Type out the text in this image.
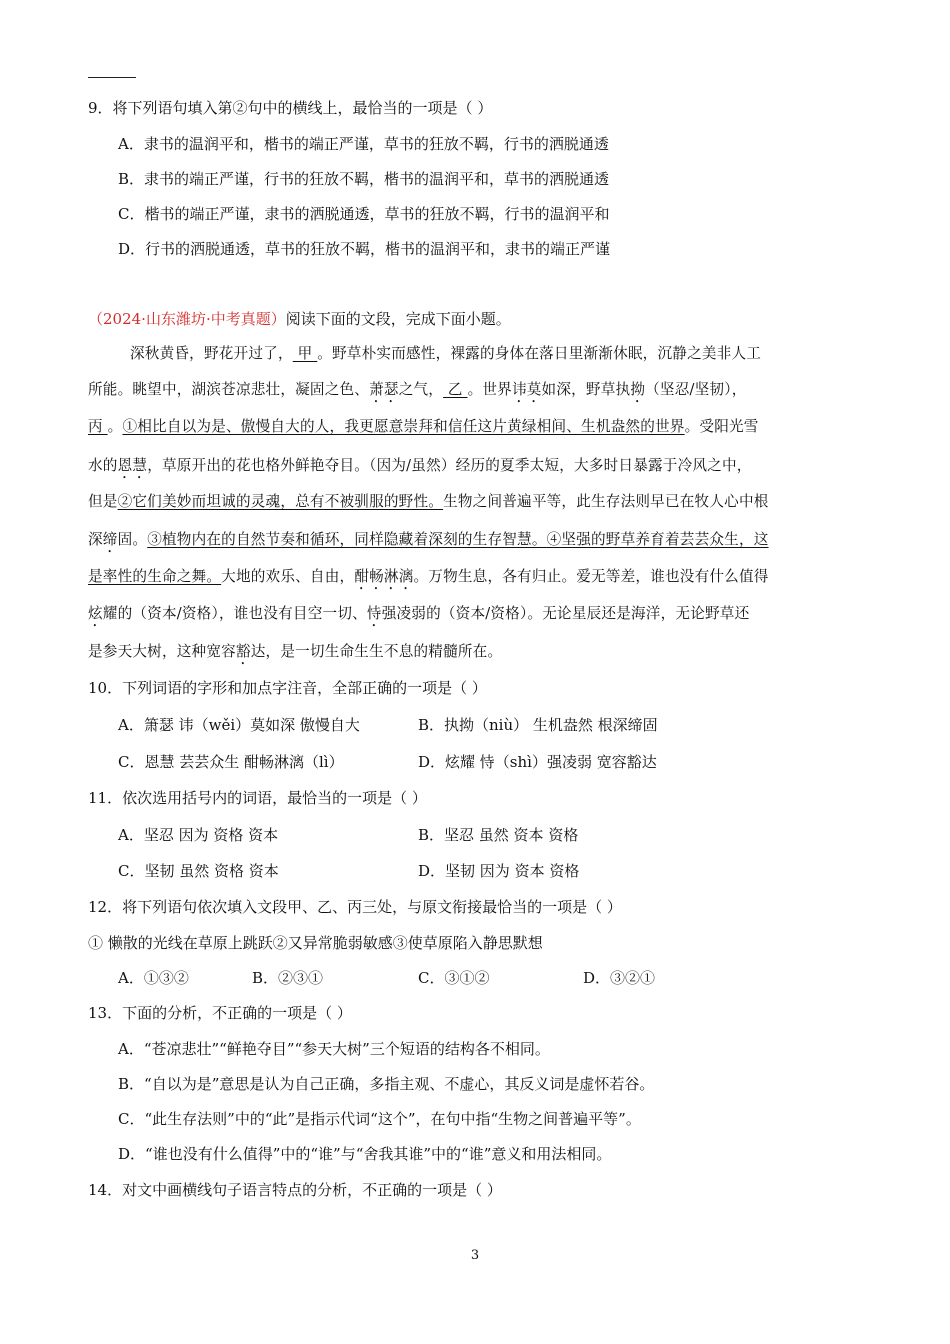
9．将下列语句填入第②句中的横线上，最恰当的一项是（ ）
A．隶书的温润平和，楷书的端正严谨，草书的狂放不羁，行书的洒脱通透
B．隶书的端正严谨，行书的狂放不羁，楷书的温润平和，草书的洒脱通透
C．楷书的端正严谨，隶书的洒脱通透，草书的狂放不羁，行书的温润平和
D．行书的洒脱通透，草书的狂放不羁，楷书的温润平和，隶书的端正严谨
（2024·山东潍坊·中考真题）阅读下面的文段，完成下面小题。
深秋黄昏，野花开过了， 甲 。野草朴实而感性，裸露的身体在落日里渐渐休眠，沉静之美非人工
所能。眺望中，湖滨苍凉悲壮，凝固之色、萧瑟之气， 乙 。世界讳莫如深，野草执拗（坚忍/坚韧），
丙 。①相比自以为是、傲慢自大的人，我更愿意崇拜和信任这片黄绿相间、生机盎然的世界。受阳光雪
水的恩慧，草原开出的花也格外鲜艳夺目。（因为/虽然）经历的夏季太短，大多时日暴露于冷风之中，
但是②它们美妙而坦诚的灵魂，总有不被驯服的野性。生物之间普遍平等，此生存法则早已在牧人心中根
深缔固。③植物内在的自然节奏和循环，同样隐藏着深刻的生存智慧。④坚强的野草养育着芸芸众生，这
是率性的生命之舞。大地的欢乐、自由，酣畅淋漓。万物生息，各有归止。爱无等差，谁也没有什么值得
炫耀的（资本/资格），谁也没有目空一切、恃强凌弱的（资本/资格）。无论星辰还是海洋，无论野草还
是参天大树，这种宽容豁达，是一切生命生生不息的精髓所在。
10．下列词语的字形和加点字注音，全部正确的一项是（ ）
A．箫瑟 讳（wěi）莫如深 傲慢自大	B．执拗（niù） 生机盎然 根深缔固
C．恩慧 芸芸众生 酣畅淋漓（lì）	D．炫耀 恃（shì）强凌弱 宽容豁达
11．依次选用括号内的词语，最恰当的一项是（ ）
A．坚忍 因为 资格 资本	B．坚忍 虽然 资本 资格
C．坚韧 虽然 资格 资本	D．坚韧 因为 资本 资格
12．将下列语句依次填入文段甲、乙、丙三处，与原文衔接最恰当的一项是（ ）
① 懒散的光线在草原上跳跃②又异常脆弱敏感③使草原陷入静思默想
A．①③②	B．②③①	C．③①②	D．③②①
13．下面的分析，不正确的一项是（ ）
A．“苍凉悲壮”“鲜艳夺目”“参天大树”三个短语的结构各不相同。
B．“自以为是”意思是认为自己正确，多指主观、不虚心，其反义词是虚怀若谷。
C．“此生存法则”中的“此”是指示代词“这个”，在句中指“生物之间普遍平等”。
D．“谁也没有什么值得”中的“谁”与“舍我其谁”中的“谁”意义和用法相同。
14．对文中画横线句子语言特点的分析，不正确的一项是（ ）
3
